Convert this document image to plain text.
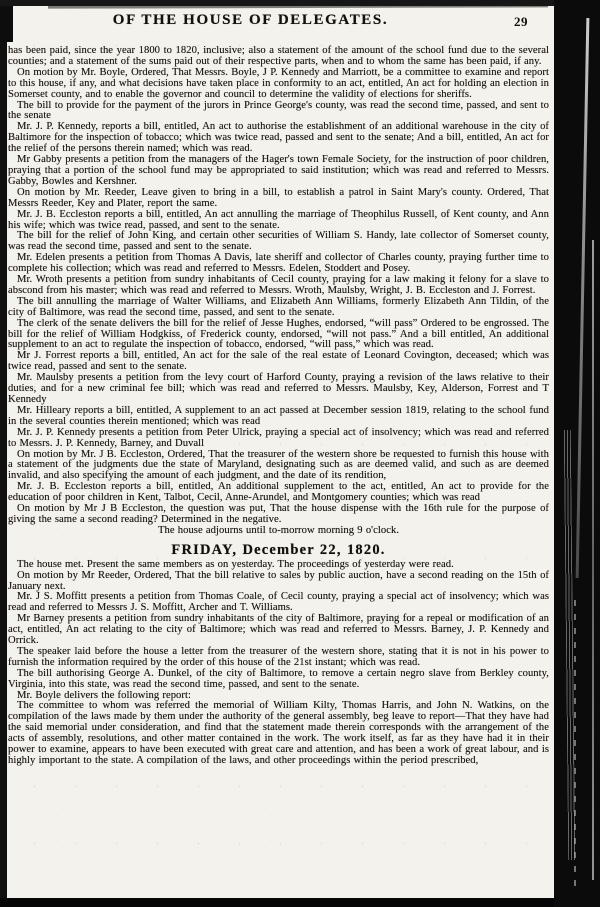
OF THE HOUSE OF DELEGATES.	29

has been paid, since the year 1800 to 1820, inclusive; also a statement of the amount of the school fund due to the several counties; and a statement of the sums paid out of their respective parts, when and to whom the same has been paid, if any.

On motion by Mr. Boyle, Ordered, That Messrs. Boyle, J P. Kennedy and Marriott, be a committee to examine and report to this house, if any, and what decisions have taken place in conformity to an act, entitled, An act for holding an election in Somerset county, and to enable the governor and council to determine the validity of elections for sheriffs.

The bill to provide for the payment of the jurors in Prince George's county, was read the second time, passed, and sent to the senate

Mr. J. P. Kennedy, reports a bill, entitled, An act to authorise the establishment of an additional warehouse in the city of Baltimore for the inspection of tobacco; which was twice read, passed and sent to the senate; And a bill, entitled, An act for the relief of the persons therein named; which was read.

Mr Gabby presents a petition from the managers of the Hager's town Female Society, for the instruction of poor children, praying that a portion of the school fund may be appropriated to said institution; which was read and referred to Messrs. Gabby, Bowles and Kershner.

On motion by Mr. Reeder, Leave given to bring in a bill, to establish a patrol in Saint Mary's county. Ordered, That Messrs Reeder, Key and Plater, report the same.

Mr. J. B. Eccleston reports a bill, entitled, An act annulling the marriage of Theophilus Russell, of Kent county, and Ann his wife; which was twice read, passed, and sent to the senate.

The bill for the relief of John King, and certain other securities of William S. Handy, late collector of Somerset county, was read the second time, passed and sent to the senate.

Mr. Edelen presents a petition from Thomas A Davis, late sheriff and collector of Charles county, praying further time to complete his collection; which was read and referred to Messrs. Edelen, Stoddert and Posey.

Mr. Wroth presents a petition from sundry inhabitants of Cecil county, praying for a law making it felony for a slave to abscond from his master; which was read and referred to Messrs. Wroth, Maulsby, Wright, J. B. Eccleston and J. Forrest.

The bill annulling the marriage of Walter Williams, and Elizabeth Ann Williams, formerly Elizabeth Ann Tildin, of the city of Baltimore, was read the second time, passed, and sent to the senate.

The clerk of the senate delivers the bill for the relief of Jesse Hughes, endorsed, “will pass” Ordered to be engrossed. The bill for the relief of William Hodgkiss, of Frederick county, endorsed, “will not pass.” And a bill entitled, An additional supplement to an act to regulate the inspection of tobacco, endorsed, “will pass,” which was read.

Mr J. Forrest reports a bill, entitled, An act for the sale of the real estate of Leonard Covington, deceased; which was twice read, passed and sent to the senate.

Mr. Maulsby presents a petition from the levy court of Harford County, praying a revision of the laws relative to their duties, and for a new criminal fee bill; which was read and referred to Messrs. Maulsby, Key, Alderson, Forrest and T Kennedy

Mr. Hilleary reports a bill, entitled, A supplement to an act passed at December session 1819, relating to the school fund in the several counties therein mentioned; which was read

Mr. J. P. Kennedy presents a petition from Peter Ulrick, praying a special act of insolvency; which was read and referred to Messrs. J. P. Kennedy, Barney, and Duvall

On motion by Mr. J B. Eccleston, Ordered, That the treasurer of the western shore be requested to furnish this house with a statement of the judgments due the state of Maryland, designating such as are deemed valid, and such as are deemed invalid, and also specifying the amount of each judgment, and the date of its rendition,

Mr. J. B. Eccleston reports a bill, entitled, An additional supplement to the act, entitled, An act to provide for the education of poor children in Kent, Talbot, Cecil, Anne-Arundel, and Montgomery counties; which was read

On motion by Mr J B Eccleston, the question was put, That the house dispense with the 16th rule for the purpose of giving the same a second reading? Determined in the negative.

The house adjourns until to-morrow morning 9 o'clock.

FRIDAY, December 22, 1820.

The house met. Present the same members as on yesterday. The proceedings of yesterday were read.

On motion by Mr Reeder, Ordered, That the bill relative to sales by public auction, have a second reading on the 15th of January next.

Mr. J S. Moffitt presents a petition from Thomas Coale, of Cecil county, praying a special act of insolvency; which was read and referred to Messrs J. S. Moffitt, Archer and T. Williams.

Mr Barney presents a petition from sundry inhabitants of the city of Baltimore, praying for a repeal or modification of an act, entitled, An act relating to the city of Baltimore; which was read and referred to Messrs. Barney, J. P. Kennedy and Orrick.

The speaker laid before the house a letter from the treasurer of the western shore, stating that it is not in his power to furnish the information required by the order of this house of the 21st instant; which was read.

The bill authorising George A. Dunkel, of the city of Baltimore, to remove a certain negro slave from Berkley county, Virginia, into this state, was read the second time, passed, and sent to the senate.

Mr. Boyle delivers the following report:

The committee to whom was referred the memorial of William Kilty, Thomas Harris, and John N. Watkins, on the compilation of the laws made by them under the authority of the general assembly, beg leave to report—That they have had the said memorial under consideration, and find that the statement made therein corresponds with the arrangement of the acts of assembly, resolutions, and other matter contained in the work. The work itself, as far as they have had it in their power to examine, appears to have been executed with great care and attention, and has been a work of great labour, and is highly important to the state. A compilation of the laws, and other proceedings within the period prescribed,
